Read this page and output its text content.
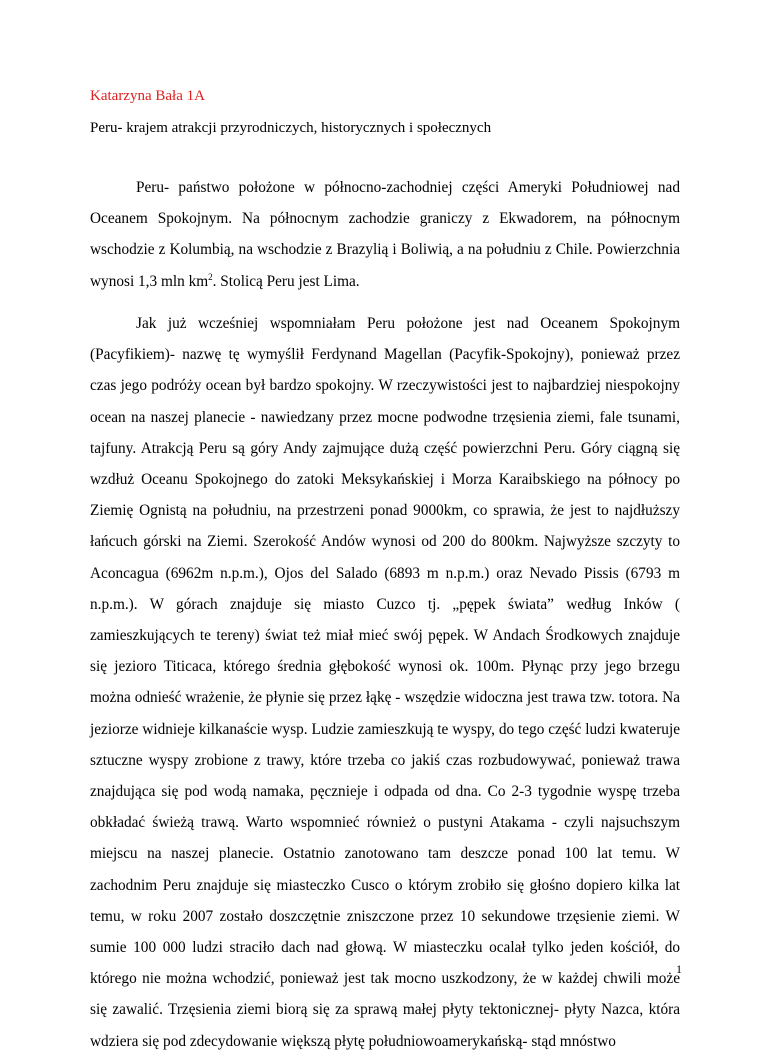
Katarzyna Bała 1A

Peru- krajem atrakcji przyrodniczych, historycznych i społecznych

Peru- państwo położone w północno-zachodniej części Ameryki Południowej nad Oceanem Spokojnym. Na północnym zachodzie graniczy z Ekwadorem, na północnym wschodzie z Kolumbią, na wschodzie z Brazylią i Boliwią, a na południu z Chile. Powierzchnia wynosi 1,3 mln $km^2$. Stolicą Peru jest Lima.

Jak już wcześniej wspomniałam Peru położone jest nad Oceanem Spokojnym (Pacyfikiem)- nazwę tę wymyślił Ferdynand Magellan (Pacyfik-Spokojny), ponieważ przez czas jego podróży ocean był bardzo spokojny. W rzeczywistości jest to najbardziej niespokojny ocean na naszej planecie - nawiedzany przez mocne podwodne trzęsienia ziemi, fale tsunami, tajfuny. Atrakcją Peru są góry Andy zajmujące dużą część powierzchni Peru. Góry ciągną się wzdłuż Oceanu Spokojnego do zatoki Meksykańskiej i Morza Karaibskiego na północy po Ziemię Ognistą na południu, na przestrzeni ponad 9000km, co sprawia, że jest to najdłuższy łańcuch górski na Ziemi. Szerokość Andów wynosi od 200 do 800km. Najwyższe szczyty to Aconcagua (6962m n.p.m.), Ojos del Salado (6893 m n.p.m.) oraz Nevado Pissis (6793 m n.p.m.). W górach znajduje się miasto Cuzco tj. „pępek świata” według Inków ( zamieszkujących te tereny) świat też miał mieć swój pępek. W Andach Środkowych znajduje się jezioro Titicaca, którego średnia głębokość wynosi ok. 100m. Płynąc przy jego brzegu można odnieść wrażenie, że płynie się przez łąkę - wszędzie widoczna jest trawa tzw. totora. Na jeziorze widnieje kilkanaście wysp. Ludzie zamieszkują te wyspy, do tego część ludzi kwateruje sztuczne wyspy zrobione z trawy, które trzeba co jakiś czas rozbudowywać, ponieważ trawa znajdująca się pod wodą namaka, pęcznieje i odpada od dna. Co 2-3 tygodnie wyspę trzeba obkładać świeżą trawą. Warto wspomnieć również o pustyni Atakama - czyli najsuchszym miejscu na naszej planecie. Ostatnio zanotowano tam deszcze ponad 100 lat temu. W zachodnim Peru znajduje się miasteczko Cusco o którym zrobiło się głośno dopiero kilka lat temu, w roku 2007 zostało doszczętnie zniszczone przez 10 sekundowe trzęsienie ziemi. W sumie 100 000 ludzi straciło dach nad głową. W miasteczku ocalał tylko jeden kościół, do którego nie można wchodzić, ponieważ jest tak mocno uszkodzony, że w każdej chwili może się zawalić. Trzęsienia ziemi biorą się za sprawą małej płyty tektonicznej- płyty Nazca, która wdziera się pod zdecydowanie większą płytę południowoamerykańską- stąd mnóstwo

1
